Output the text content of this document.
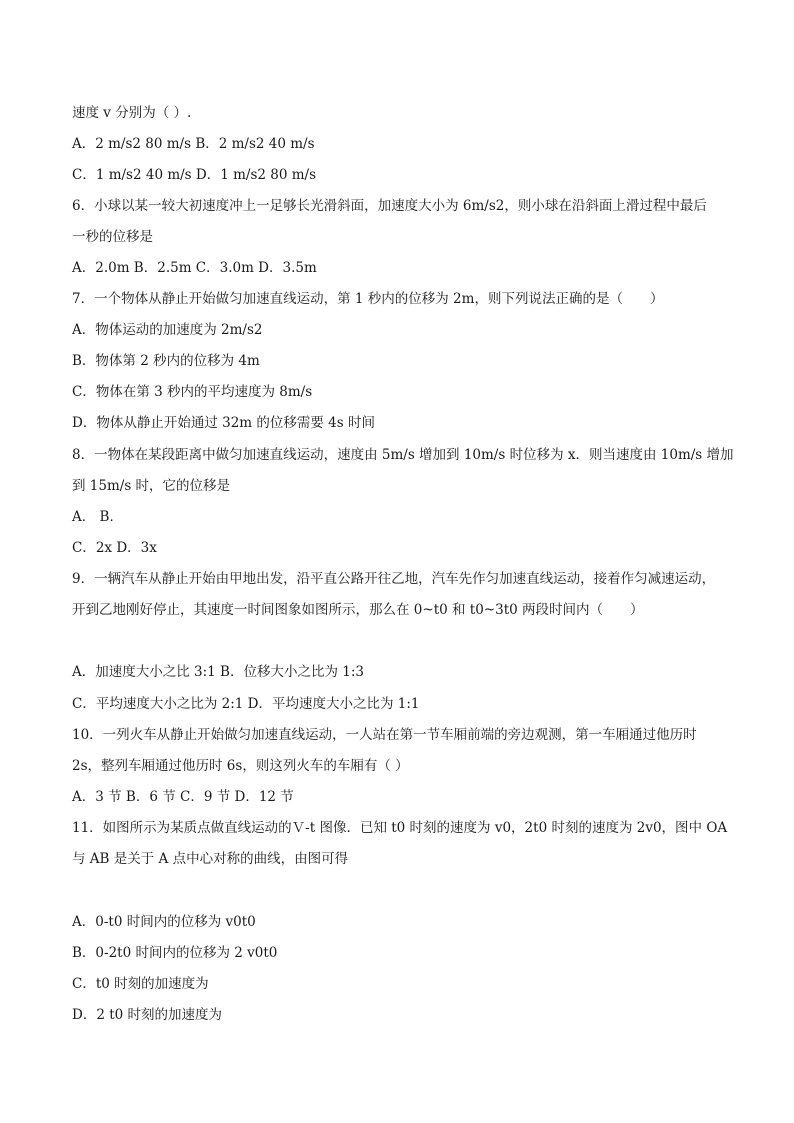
速度 v 分别为（ ）.
A．2 m/s2 80 m/s B．2 m/s2 40 m/s
C．1 m/s2 40 m/s D．1 m/s2 80 m/s
6．小球以某一较大初速度冲上一足够长光滑斜面，加速度大小为 6m/s2，则小球在沿斜面上滑过程中最后
一秒的位移是
A．2.0m B．2.5m C．3.0m D．3.5m
7．一个物体从静止开始做匀加速直线运动，第 1 秒内的位移为 2m，则下列说法正确的是（　　）
A．物体运动的加速度为 2m/s2
B．物体第 2 秒内的位移为 4m
C．物体在第 3 秒内的平均速度为 8m/s
D．物体从静止开始通过 32m 的位移需要 4s 时间
8．一物体在某段距离中做匀加速直线运动，速度由 5m/s 增加到 10m/s 时位移为 x．则当速度由 10m/s 增加
到 15m/s 时，它的位移是
A． B．
C．2x D．3x
9．一辆汽车从静止开始由甲地出发，沿平直公路开往乙地，汽车先作匀加速直线运动，接着作匀减速运动，
开到乙地刚好停止，其速度一时间图象如图所示，那么在 0~t0 和 t0~3t0 两段时间内（　　）
A．加速度大小之比 3:1 B．位移大小之比为 1:3
C．平均速度大小之比为 2:1 D．平均速度大小之比为 1:1
10．一列火车从静止开始做匀加速直线运动，一人站在第一节车厢前端的旁边观测，第一车厢通过他历时
2s，整列车厢通过他历时 6s，则这列火车的车厢有（ ）
A．3 节 B．6 节 C．9 节 D．12 节
11．如图所示为某质点做直线运动的Ｖ-t 图像．已知 t0 时刻的速度为 v0，2t0 时刻的速度为 2v0，图中 OA
与 AB 是关于 A 点中心对称的曲线，由图可得
A．0-t0 时间内的位移为 v0t0
B．0-2t0 时间内的位移为 2 v0t0
C．t0 时刻的加速度为
D．2 t0 时刻的加速度为
